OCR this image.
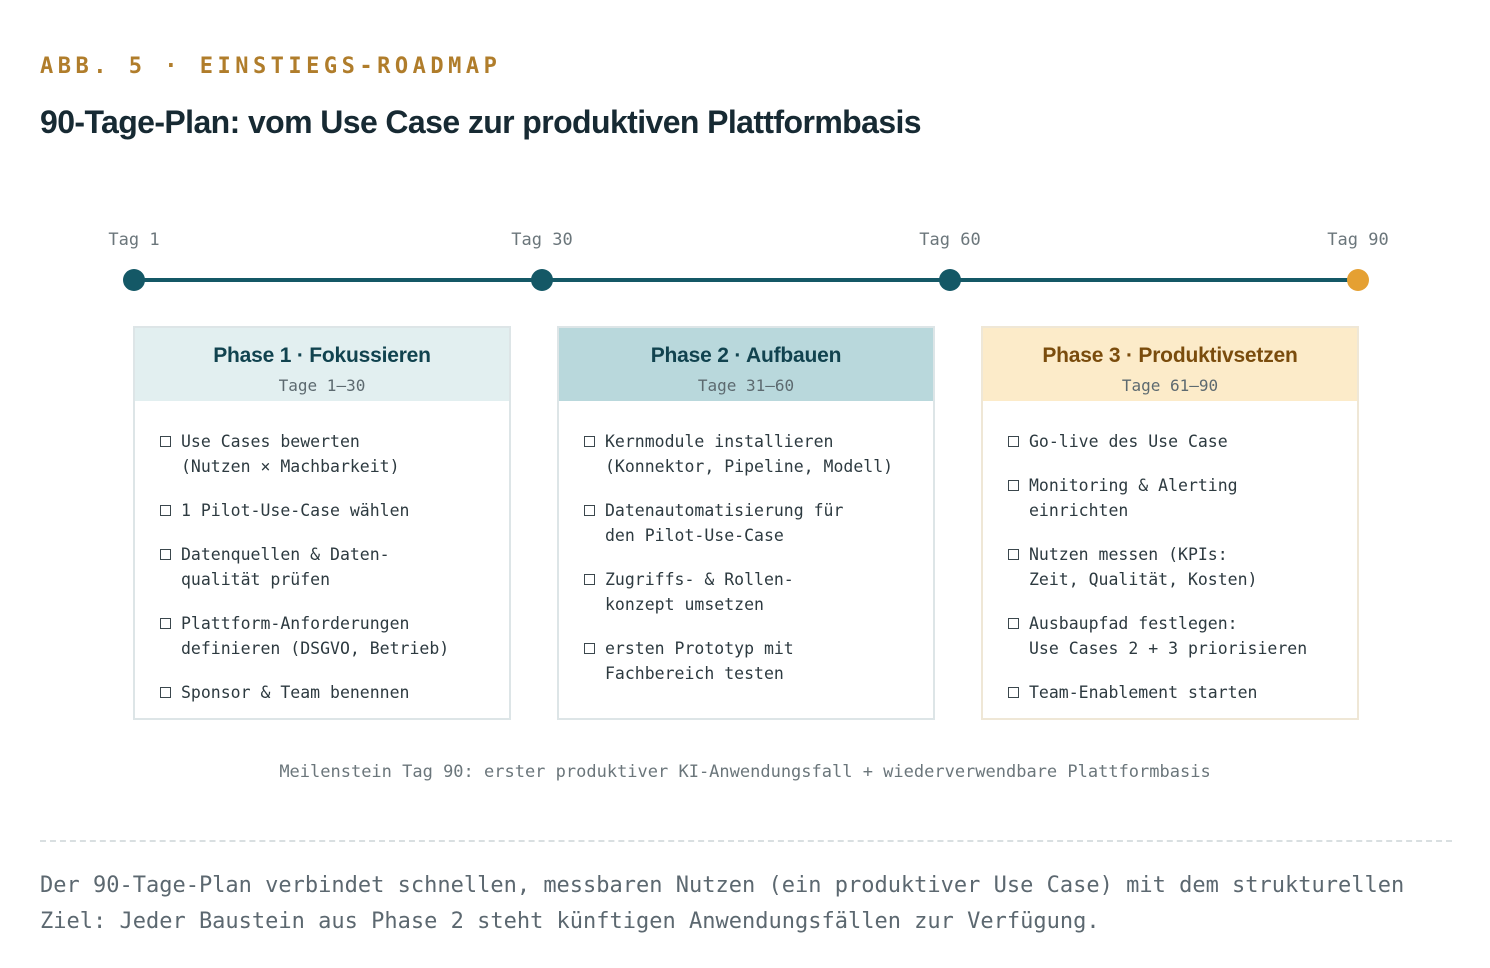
ABB. 5 · EINSTIEGS-ROADMAP
90-Tage-Plan: vom Use Case zur produktiven Plattformbasis
Tag 1	Tag 30	Tag 60	Tag 90
Phase 1 · Fokussieren
Tage 1–30
Use Cases bewerten
(Nutzen × Machbarkeit)
1 Pilot-Use-Case wählen
Datenquellen & Daten-
qualität prüfen
Plattform-Anforderungen
definieren (DSGVO, Betrieb)
Sponsor & Team benennen
Phase 2 · Aufbauen
Tage 31–60
Kernmodule installieren
(Konnektor, Pipeline, Modell)
Datenautomatisierung für
den Pilot-Use-Case
Zugriffs- & Rollen-
konzept umsetzen
ersten Prototyp mit
Fachbereich testen
Phase 3 · Produktivsetzen
Tage 61–90
Go-live des Use Case
Monitoring & Alerting
einrichten
Nutzen messen (KPIs:
Zeit, Qualität, Kosten)
Ausbaupfad festlegen:
Use Cases 2 + 3 priorisieren
Team-Enablement starten
Meilenstein Tag 90: erster produktiver KI-Anwendungsfall + wiederverwendbare Plattformbasis
Der 90-Tage-Plan verbindet schnellen, messbaren Nutzen (ein produktiver Use Case) mit dem strukturellen Ziel: Jeder Baustein aus Phase 2 steht künftigen Anwendungsfällen zur Verfügung.
